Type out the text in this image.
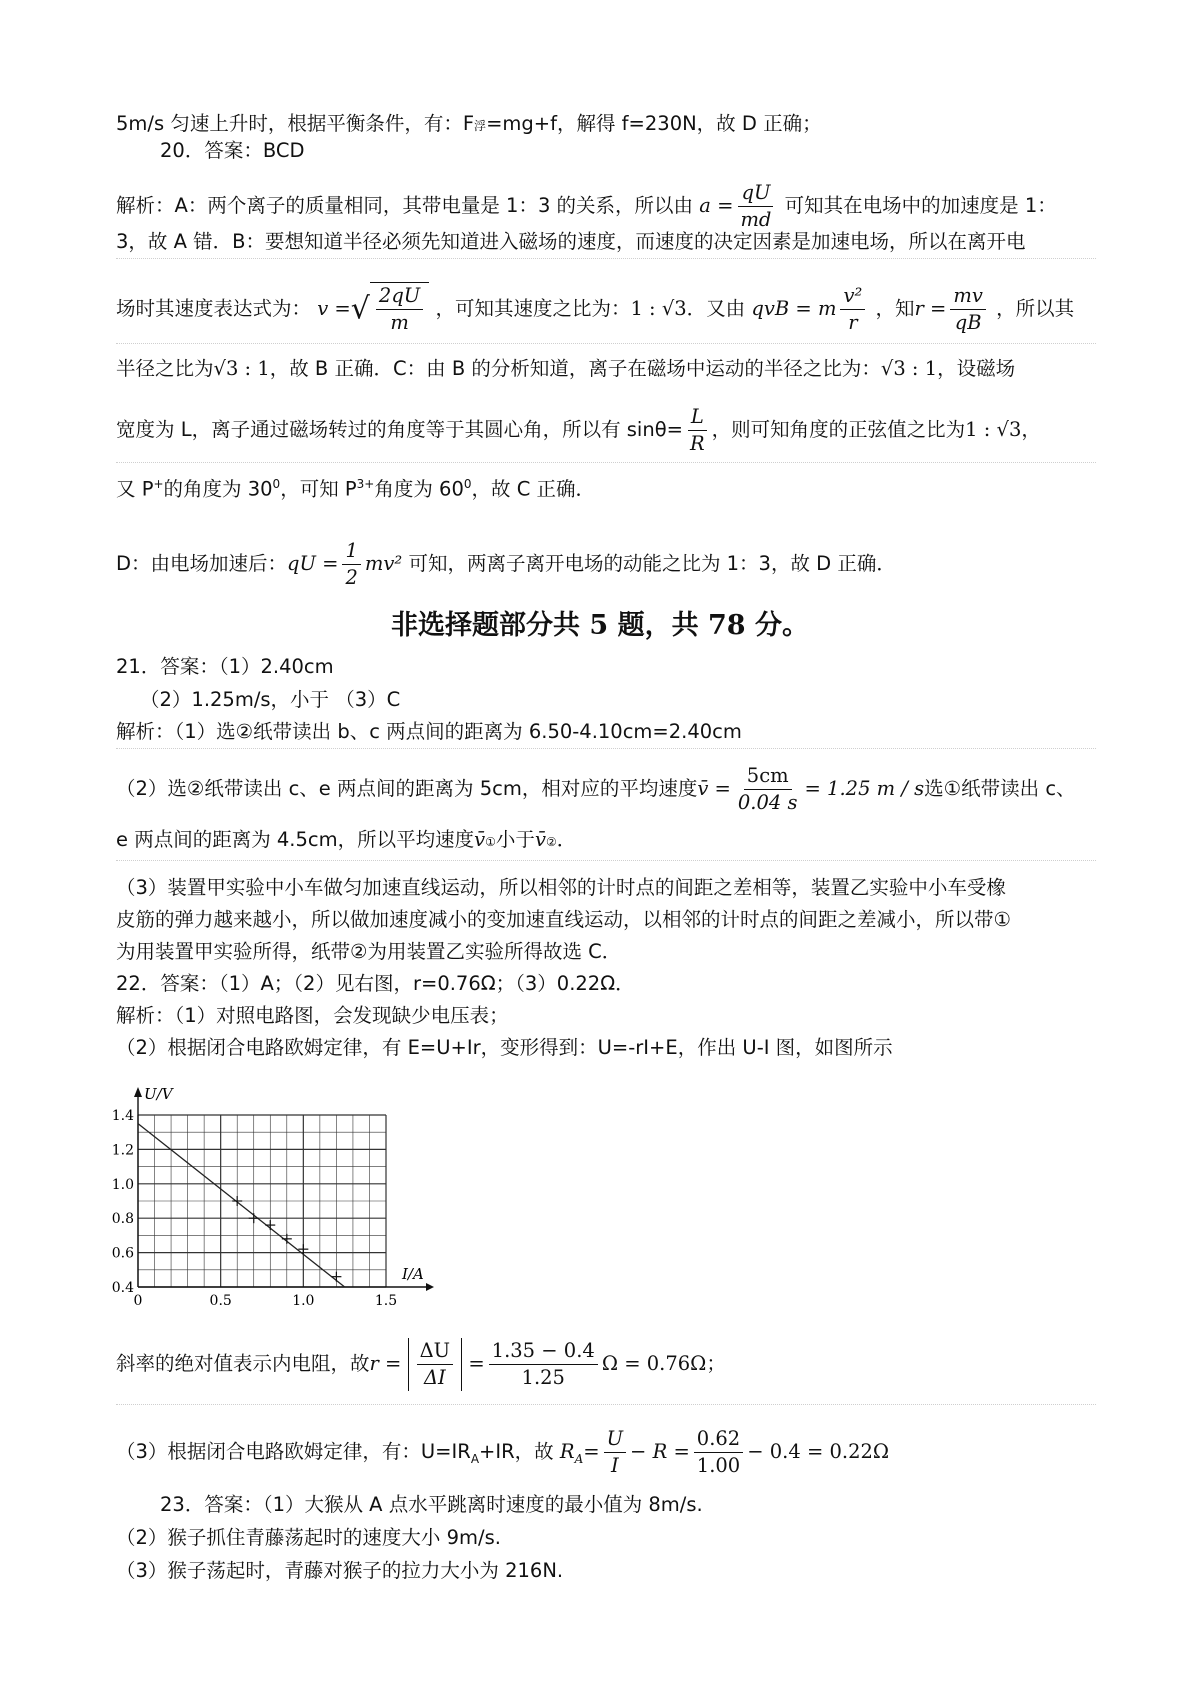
5m/s 匀速上升时，根据平衡条件，有：F浮=mg+f，解得 f=230N，故 D 正确；
20．答案：BCD
解析：A：两个离子的质量相同，其带电量是 1：3 的关系，所以由 $a = \frac{qU}{md}$ 可知其在电场中的加速度是 1：
3，故 A 错．B：要想知道半径必须先知道进入磁场的速度，而速度的决定因素是加速电场，所以在离开电
场时其速度表达式为： v =√ $\frac{2qU}{m}$ ，可知其速度之比为：1 : √3．又由 qvB = m $\frac{\text{v²}}{r}$ ，知$r = \frac{mv}{qB}$ ，所以其
半径之比为√3 : 1，故 B 正确．C：由 B 的分析知道，离子在磁场中运动的半径之比为：√3 : 1，设磁场
宽度为 L，离子通过磁场转过的角度等于其圆心角，所以有 $\sin\theta= \frac{L}{R}$ ，则可知角度的正弦值之比为1 : √3，
又 P+的角度为 $30^0$，可知 $P^{3+}$角度为 $60^0$，故 C 正确．
D：由电场加速后：qU = $\frac{1}{2} mv^2$ 可知，两离子离开电场的动能之比为 1：3，故 D 正确．
非选择题部分共 5 题，共 78 分。
21．答案：（1）2.40cm
（2）1.25m/s，小于 （3）C
解析：（1）选②纸带读出 b、c 两点间的距离为 6.50-4.10cm=2.40cm
（2）选②纸带读出 c、e 两点间的距离为 5cm，相对应的平均速度v̄ = $\frac{5cm}{0.04 s} = 1.25$ m / s选①纸带读出 c、
e 两点间的距离为 4.5cm，所以平均速度v̄①小于v̄②．
（3）装置甲实验中小车做匀加速直线运动，所以相邻的计时点的间距之差相等，装置乙实验中小车受橡
皮筋的弹力越来越小，所以做加速度减小的变加速直线运动，以相邻的计时点的间距之差减小，所以带①
为用装置甲实验所得，纸带②为用装置乙实验所得故选 C．
22．答案：（1）A；（2）见右图，r=0.76Ω；（3）0.22Ω．
解析：（1）对照电路图，会发现缺少电压表；
（2）根据闭合电路欧姆定律，有 E=U+Ir，变形得到：U=-rI+E，作出 U-I 图，如图所示
U/V
I/A
0	0.5	1.0	1.5
0.4
0.6
0.8
1.0
1.2
1.4
斜率的绝对值表示内电阻，故$r = \frac{\Delta U}{\Delta I} = \frac{1.35 - 0.4}{1.25}$ Ω = 0.76Ω；
（3）根据闭合电路欧姆定律，有：$U=IR_A+IR$，故 $R_A= \frac{U}{I} - R = \frac{0.62}{1.00} - 0.4 = 0.22\Omega$
23．答案：（1）大猴从 A 点水平跳离时速度的最小值为 8m/s.
（2）猴子抓住青藤荡起时的速度大小 9m/s.
（3）猴子荡起时，青藤对猴子的拉力大小为 216N.
